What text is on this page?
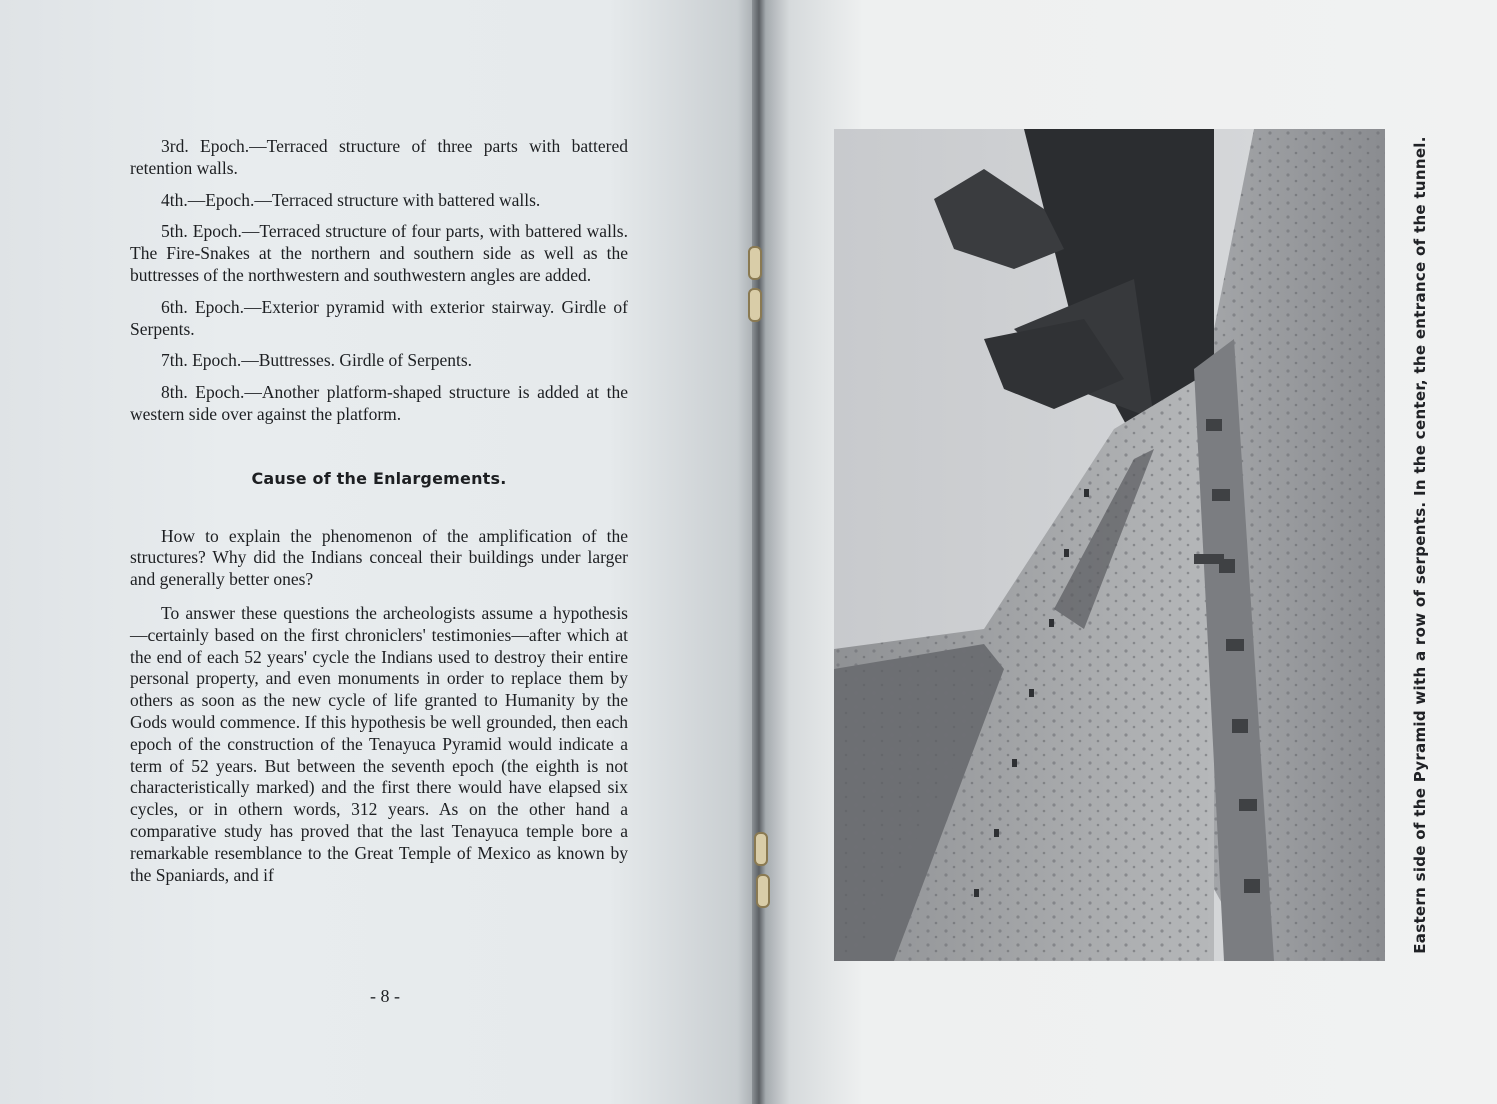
3rd. Epoch.—Terraced structure of three parts with battered retention walls.

4th.—Epoch.—Terraced structure with battered walls.

5th. Epoch.—Terraced structure of four parts, with battered walls. The Fire-Snakes at the northern and southern side as well as the buttresses of the northwestern and southwestern angles are added.

6th. Epoch.—Exterior pyramid with exterior stairway. Girdle of Serpents.

7th. Epoch.—Buttresses. Girdle of Serpents.

8th. Epoch.—Another platform-shaped structure is added at the western side over against the platform.

Cause of the Enlargements.

How to explain the phenomenon of the amplification of the structures? Why did the Indians conceal their buildings under larger and generally better ones?

To answer these questions the archeologists assume a hypothesis—certainly based on the first chroniclers' testimonies—after which at the end of each 52 years' cycle the Indians used to destroy their entire personal property, and even monuments in order to replace them by others as soon as the new cycle of life granted to Humanity by the Gods would commence. If this hypothesis be well grounded, then each epoch of the construction of the Tenayuca Pyramid would indicate a term of 52 years. But between the seventh epoch (the eighth is not characteristically marked) and the first there would have elapsed six cycles, or in othern words, 312 years. As on the other hand a comparative study has proved that the last Tenayuca temple bore a remarkable resemblance to the Great Temple of Mexico as known by the Spaniards, and if

- 8 -
Eastern side of the Pyramid with a row of serpents. In the center, the entrance of the tunnel.
